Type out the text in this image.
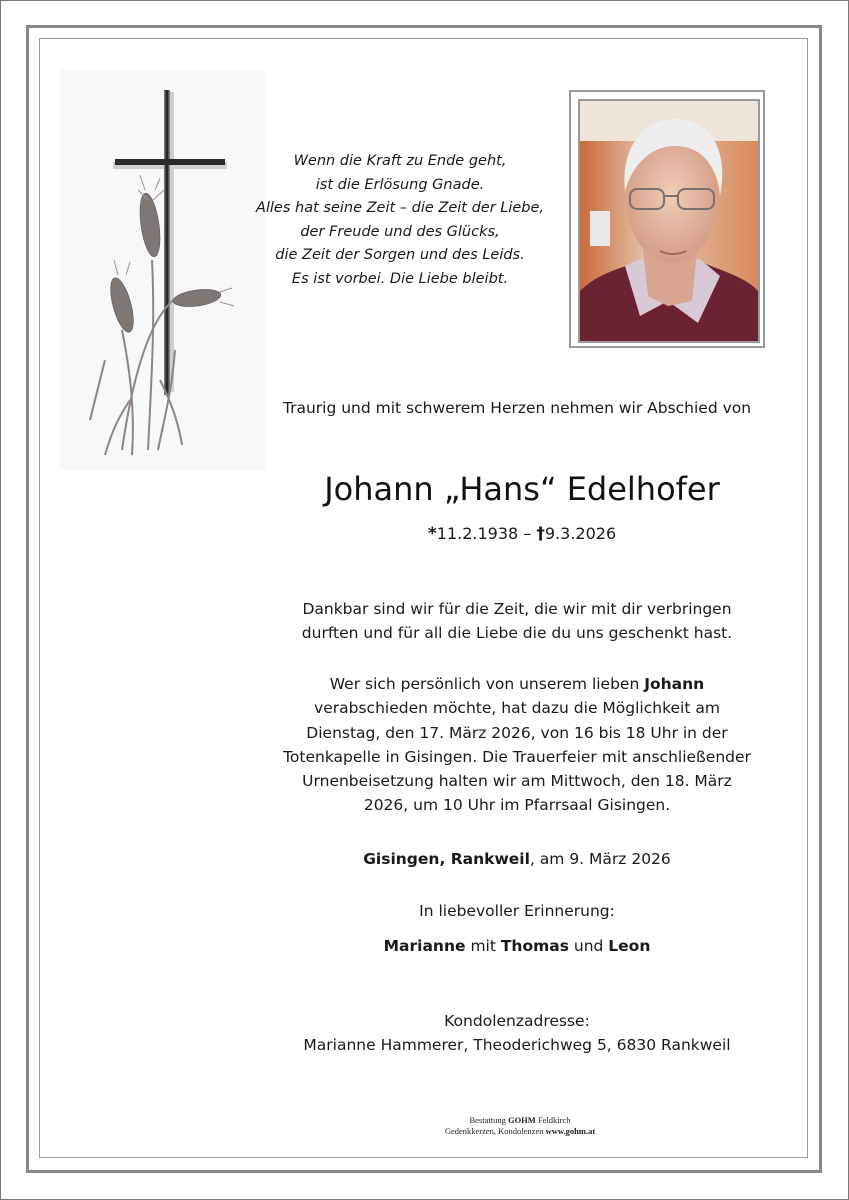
Wenn die Kraft zu Ende geht,
ist die Erlösung Gnade.
Alles hat seine Zeit – die Zeit der Liebe,
der Freude und des Glücks,
die Zeit der Sorgen und des Leids.
Es ist vorbei. Die Liebe bleibt.
Traurig und mit schwerem Herzen nehmen wir Abschied von
Johann „Hans“ Edelhofer
*11.2.1938 – †9.3.2026
Dankbar sind wir für die Zeit, die wir mit dir verbringen
durften und für all die Liebe die du uns geschenkt hast.
Wer sich persönlich von unserem lieben Johann
verabschieden möchte, hat dazu die Möglichkeit am
Dienstag, den 17. März 2026, von 16 bis 18 Uhr in der
Totenkapelle in Gisingen. Die Trauerfeier mit anschließender
Urnenbeisetzung halten wir am Mittwoch, den 18. März
2026, um 10 Uhr im Pfarrsaal Gisingen.
Gisingen, Rankweil, am 9. März 2026
In liebevoller Erinnerung:
Marianne mit Thomas und Leon
Kondolenzadresse:
Marianne Hammerer, Theoderichweg 5, 6830 Rankweil
Bestattung GOHM Feldkirch
Gedenkkerzen, Kondolenzen www.gohm.at
